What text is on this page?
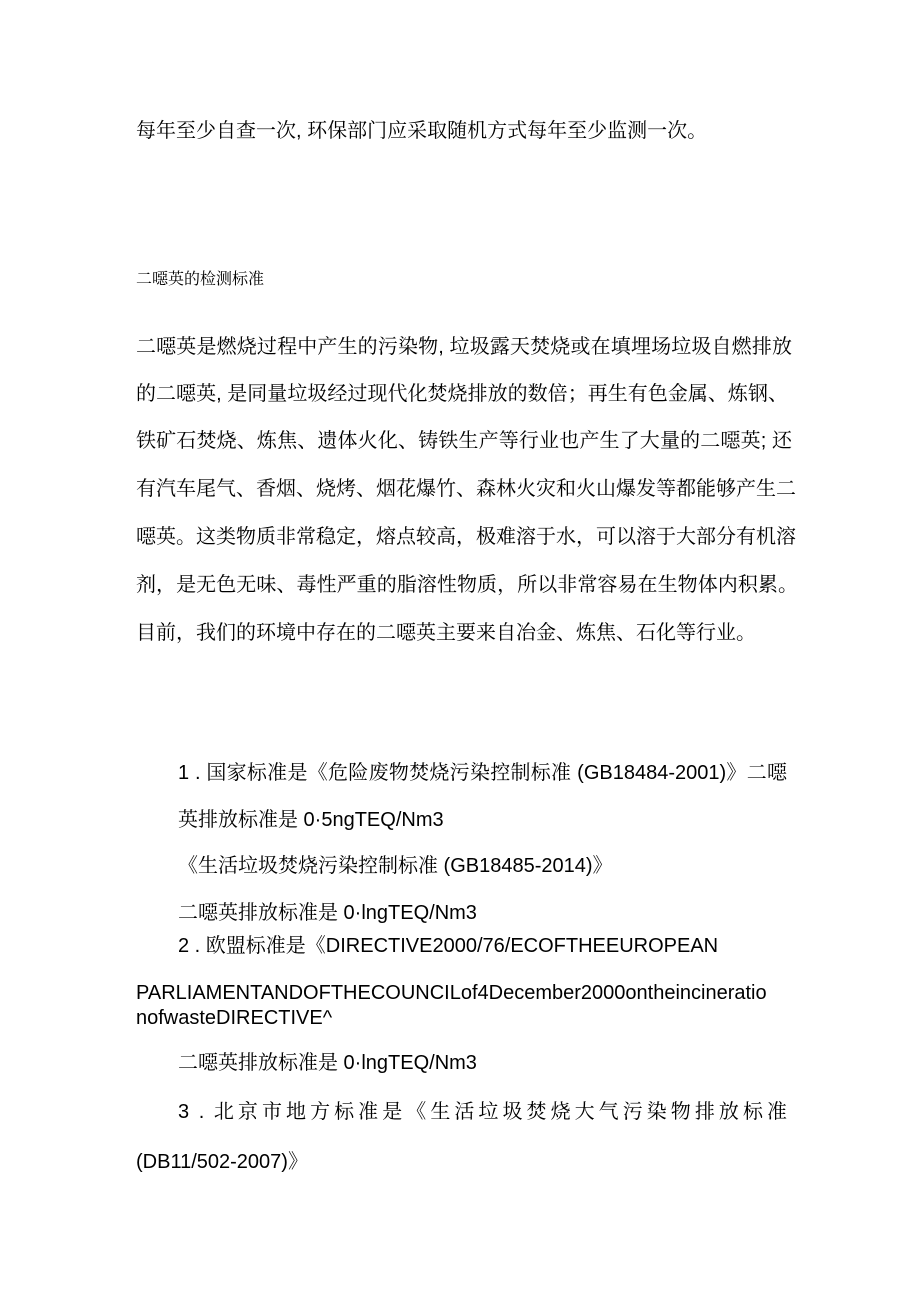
每年至少自查一次, 环保部门应采取随机方式每年至少监测一次。
二噁英的检测标准
二噁英是燃烧过程中产生的污染物, 垃圾露天焚烧或在填埋场垃圾自燃排放
的二噁英, 是同量垃圾经过现代化焚烧排放的数倍；再生有色金属、炼钢、
铁矿石焚烧、炼焦、遗体火化、铸铁生产等行业也产生了大量的二噁英; 还
有汽车尾气、香烟、烧烤、烟花爆竹、森林火灾和火山爆发等都能够产生二
噁英。这类物质非常稳定，熔点较高，极难溶于水，可以溶于大部分有机溶
剂，是无色无味、毒性严重的脂溶性物质，所以非常容易在生物体内积累。
目前，我们的环境中存在的二噁英主要来自冶金、炼焦、石化等行业。
1 . 国家标准是《危险废物焚烧污染控制标准 (GB18484-2001)》二噁
英排放标准是 0·5ngTEQ/Nm3
《生活垃圾焚烧污染控制标准 (GB18485-2014)》
二噁英排放标准是 0·lngTEQ/Nm3
2 . 欧盟标准是《DIRECTIVE2000/76/ECOFTHEEUROPEAN
PARLIAMENTANDOFTHECOUNCILof4December2000ontheincineratio
nofwasteDIRECTIVE^
二噁英排放标准是 0·lngTEQ/Nm3
3 . 北京市地方标准是《生活垃圾焚烧大气污染物排放标准
(DB11/502-2007)》
